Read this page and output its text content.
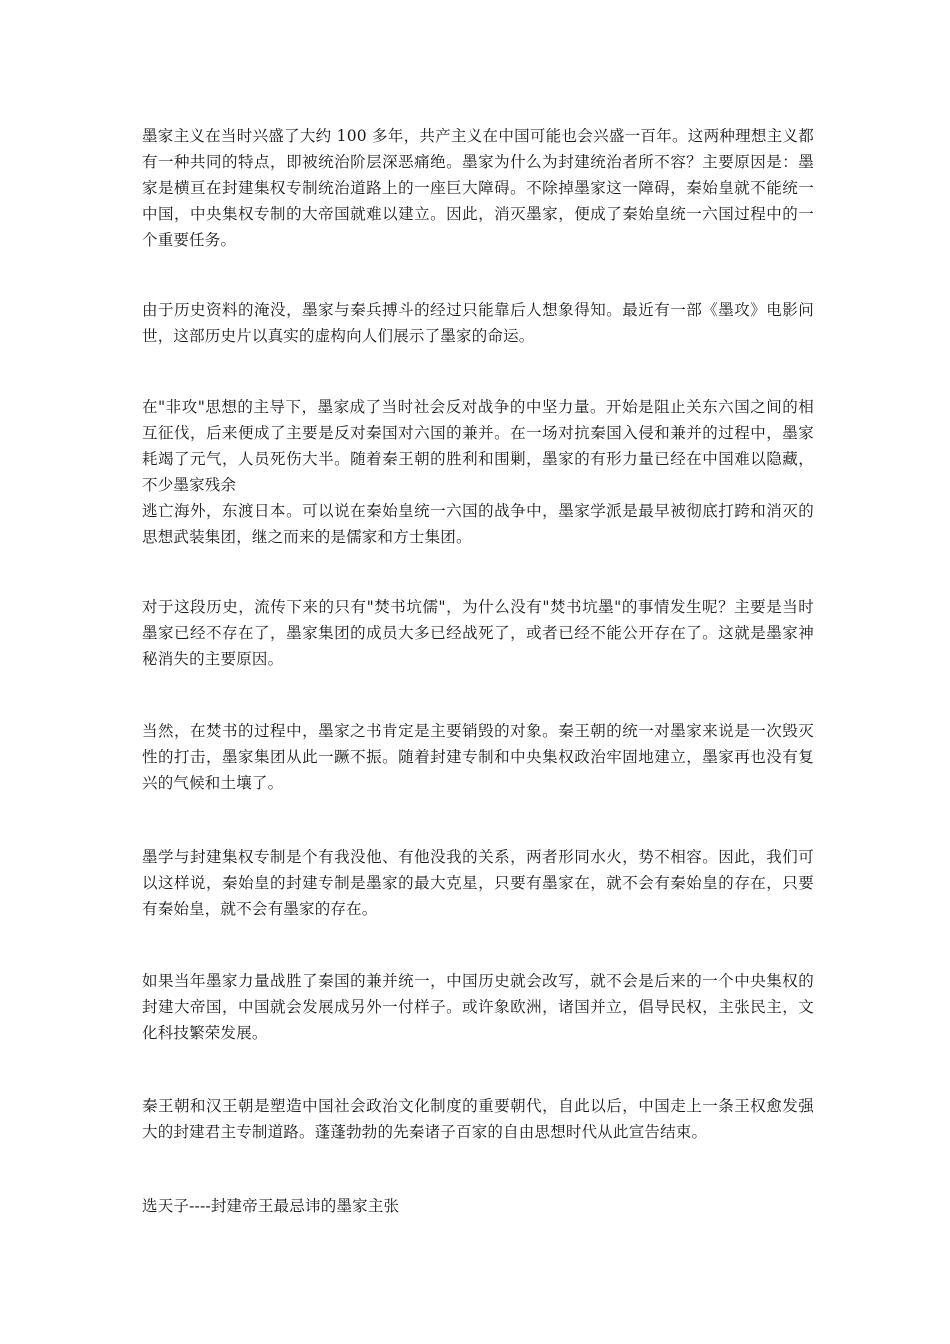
墨家主义在当时兴盛了大约 100 多年，共产主义在中国可能也会兴盛一百年。这两种理想主义都有一种共同的特点，即被统治阶层深恶痛绝。墨家为什么为封建统治者所不容？主要原因是：墨家是横亘在封建集权专制统治道路上的一座巨大障碍。不除掉墨家这一障碍，秦始皇就不能统一中国，中央集权专制的大帝国就难以建立。因此，消灭墨家，便成了秦始皇统一六国过程中的一个重要任务。

由于历史资料的淹没，墨家与秦兵搏斗的经过只能靠后人想象得知。最近有一部《墨攻》电影问世，这部历史片以真实的虚构向人们展示了墨家的命运。

在"非攻"思想的主导下，墨家成了当时社会反对战争的中坚力量。开始是阻止关东六国之间的相互征伐，后来便成了主要是反对秦国对六国的兼并。在一场对抗秦国入侵和兼并的过程中，墨家耗竭了元气，人员死伤大半。随着秦王朝的胜利和围剿，墨家的有形力量已经在中国难以隐藏，不少墨家残余
逃亡海外，东渡日本。可以说在秦始皇统一六国的战争中，墨家学派是最早被彻底打跨和消灭的思想武装集团，继之而来的是儒家和方士集团。

对于这段历史，流传下来的只有"焚书坑儒"，为什么没有"焚书坑墨"的事情发生呢？主要是当时墨家已经不存在了，墨家集团的成员大多已经战死了，或者已经不能公开存在了。这就是墨家神秘消失的主要原因。

当然，在焚书的过程中，墨家之书肯定是主要销毁的对象。秦王朝的统一对墨家来说是一次毁灭性的打击，墨家集团从此一蹶不振。随着封建专制和中央集权政治牢固地建立，墨家再也没有复兴的气候和土壤了。

墨学与封建集权专制是个有我没他、有他没我的关系，两者形同水火，势不相容。因此，我们可以这样说，秦始皇的封建专制是墨家的最大克星，只要有墨家在，就不会有秦始皇的存在，只要有秦始皇，就不会有墨家的存在。

如果当年墨家力量战胜了秦国的兼并统一，中国历史就会改写，就不会是后来的一个中央集权的封建大帝国，中国就会发展成另外一付样子。或许象欧洲，诸国并立，倡导民权，主张民主，文化科技繁荣发展。

秦王朝和汉王朝是塑造中国社会政治文化制度的重要朝代，自此以后，中国走上一条王权愈发强大的封建君主专制道路。蓬蓬勃勃的先秦诸子百家的自由思想时代从此宣告结束。

选天子----封建帝王最忌讳的墨家主张
